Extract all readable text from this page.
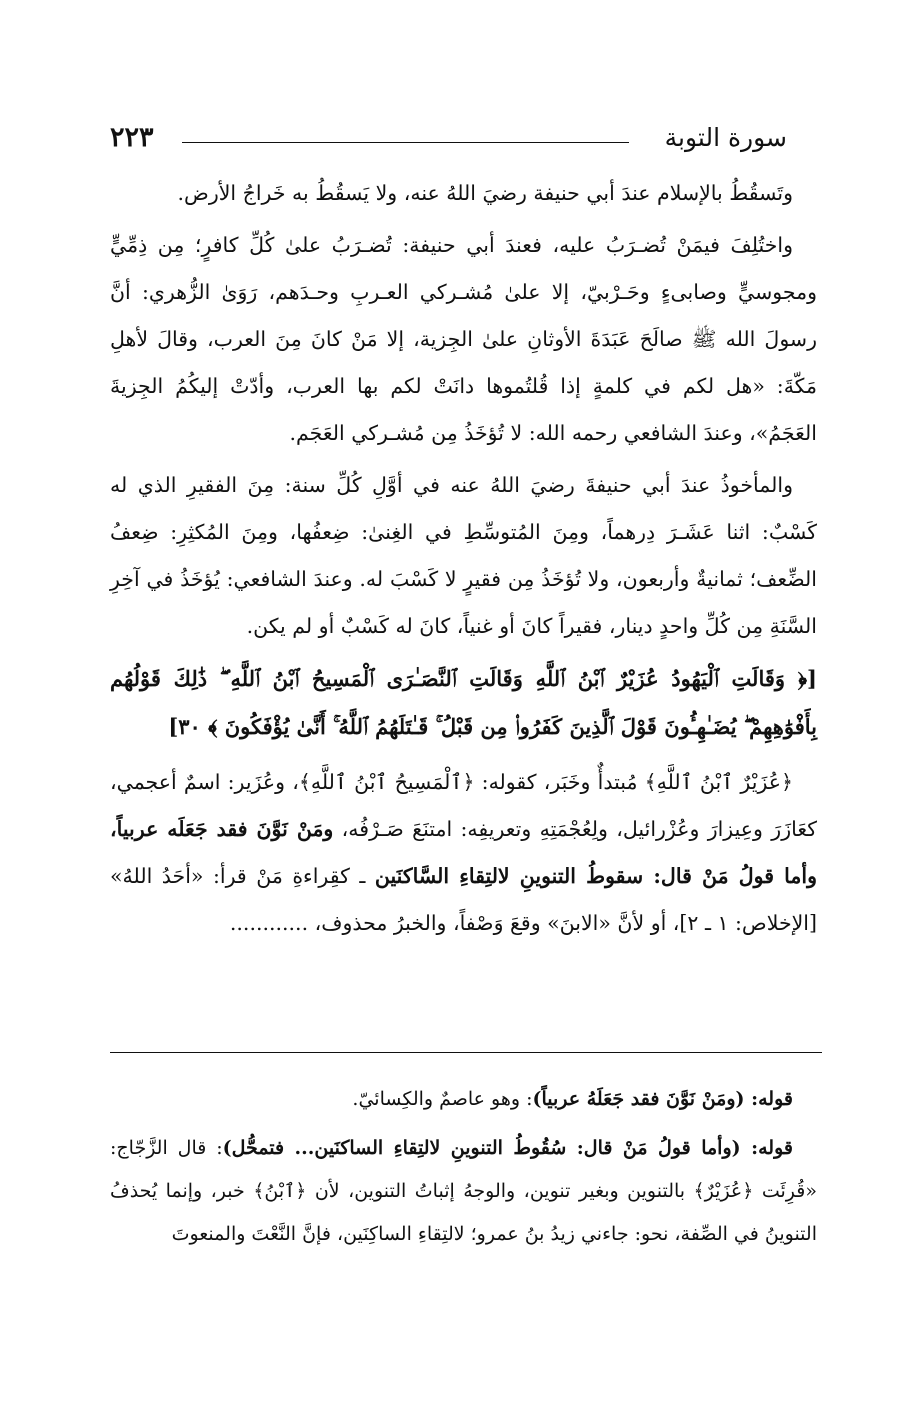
سورة التوبة
٢٢٣

وتَسقُطُ بالإسلام عندَ أبي حنيفة رضيَ اللهُ عنه، ولا يَسقُطُ به خَراجُ الأرض.

واختُلِفَ فيمَنْ تُضـرَبُ عليه، فعندَ أبي حنيفة: تُضـرَبُ علىٰ كُلِّ كافرٍ؛ مِن ذِمِّيٍّ ومجوسيٍّ وصابىءٍ وحَـرْبيّ، إلا علىٰ مُشـركي العـربِ وحـدَهم، رَوَىٰ الزُّهري: أنَّ رسولَ الله ﷺ صالَحَ عَبَدَةَ الأوثانِ علىٰ الجِزية، إلا مَنْ كانَ مِنَ العرب، وقالَ لأهلِ مَكّةَ: «هل لكم في كلمةٍ إذا قُلتُموها دانَتْ لكم بها العرب، وأدّتْ إليكُمُ الجِزيةَ العَجَمُ»، وعندَ الشافعي رحمه الله: لا تُؤخَذُ مِن مُشـركي العَجَم.

والمأخوذُ عندَ أبي حنيفةَ رضيَ اللهُ عنه في أوَّلِ كُلِّ سنة: مِنَ الفقيرِ الذي له كَسْبٌ: اثنا عَشَـرَ دِرهماً، ومِنَ المُتوسِّطِ في الغِنىٰ: ضِعفُها، ومِنَ المُكثِرِ: ضِعفُ الضِّعف؛ ثمانيةٌ وأربعون، ولا تُؤخَذُ مِن فقيرٍ لا كَسْبَ له. وعندَ الشافعي: يُؤخَذُ في آخِرِ السَّنَةِ مِن كُلِّ واحدٍ دينار، فقيراً كانَ أو غنياً، كانَ له كَسْبٌ أو لم يكن.

[﴿ وَقَالَتِ ٱلْيَهُودُ عُزَيْرٌ ٱبْنُ ٱللَّهِ وَقَالَتِ ٱلنَّصَـٰرَى ٱلْمَسِيحُ ٱبْنُ ٱللَّهِ ۖ ذَٰلِكَ قَوْلُهُم بِأَفْوَٰهِهِمْ ۖ يُضَـٰهِـُٔونَ قَوْلَ ٱلَّذِينَ كَفَرُوا۟ مِن قَبْلُ ۚ قَـٰتَلَهُمُ ٱللَّهُ ۚ أَنَّىٰ يُؤْفَكُونَ ﴾ ٣٠]

﴿عُزَيْرٌ ٱبْنُ ٱللَّهِ﴾ مُبتدأٌ وخَبَر، كقوله: ﴿ٱلْمَسِيحُ ٱبْنُ ٱللَّهِ﴾، وعُزَير: اسمٌ أعجمي، كعَازَرَ وعِيزارَ وعُزْرائيل، ولِعُجْمَتِهِ وتعريفِه: امتنَعَ صَـرْفُه، ومَنْ نَوَّنَ فقد جَعَلَه عربياً، وأما قولُ مَنْ قال: سقوطُ التنوينِ لالتِقاءِ السَّاكنَين ـ كقِراءةِ مَنْ قرأ: «أحَدُ اللهُ» [الإخلاص: ١ ـ ٢]، أو لأنَّ «الابنَ» وقعَ وَصْفاً، والخبرُ محذوف، ............

قوله: (ومَنْ نَوَّنَ فقد جَعَلَهُ عربياً): وهو عاصمٌ والكِسائيّ.

قوله: (وأما قولُ مَنْ قال: سُقُوطُ التنوينِ لالتِقاءِ الساكنَين... فتمحُّل): قال الزَّجّاج: «قُرِئَت ﴿عُزَيْرٌ﴾ بالتنوين وبغير تنوين، والوجهُ إثباتُ التنوين، لأن ﴿ٱبْنُ﴾ خبر، وإنما يُحذفُ التنوينُ في الصِّفة، نحو: جاءني زيدُ بنُ عمرو؛ لالتِقاءِ الساكِنَين، فإنَّ النَّعْتَ والمنعوتَ
